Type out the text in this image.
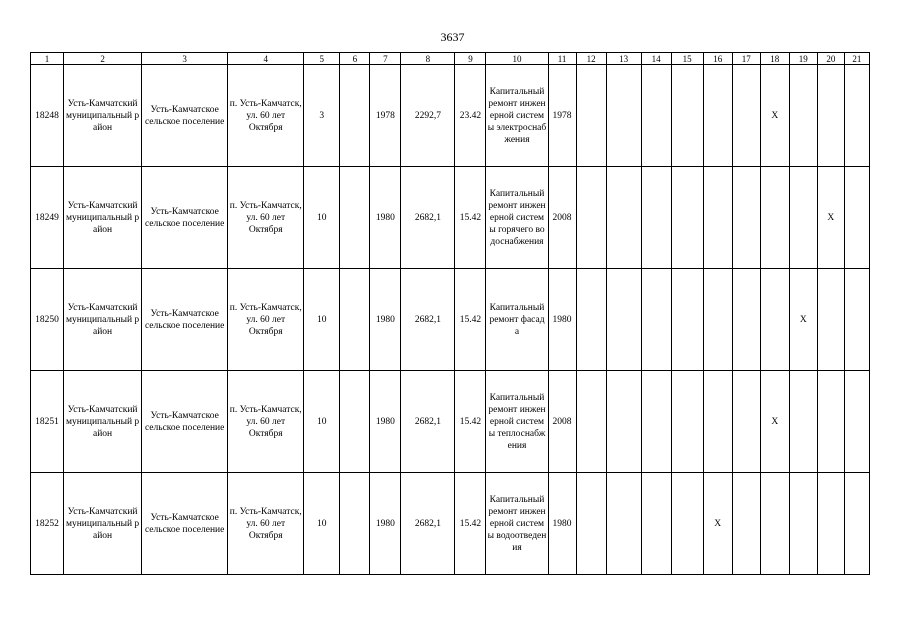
3637
1	2	3	4	5	6	7	8	9	10	11	12	13	14	15	16	17	18	19	20	21
18248	Усть-Камчатский муниципальный район	Усть-Камчатское сельское поселение	п. Усть-Камчатск, ул. 60 лет Октября	3		1978	2292,7	23.42	Капитальный ремонт инженерной системы электроснабжения	1978							X			
18249	Усть-Камчатский муниципальный район	Усть-Камчатское сельское поселение	п. Усть-Камчатск, ул. 60 лет Октября	10		1980	2682,1	15.42	Капитальный ремонт инженерной системы горячего водоснабжения	2008									X	
18250	Усть-Камчатский муниципальный район	Усть-Камчатское сельское поселение	п. Усть-Камчатск, ул. 60 лет Октября	10		1980	2682,1	15.42	Капитальный ремонт фасада	1980								X		
18251	Усть-Камчатский муниципальный район	Усть-Камчатское сельское поселение	п. Усть-Камчатск, ул. 60 лет Октября	10		1980	2682,1	15.42	Капитальный ремонт инженерной системы теплоснабжения	2008							X			
18252	Усть-Камчатский муниципальный район	Усть-Камчатское сельское поселение	п. Усть-Камчатск, ул. 60 лет Октября	10		1980	2682,1	15.42	Капитальный ремонт инженерной системы водоотведения	1980					X					
